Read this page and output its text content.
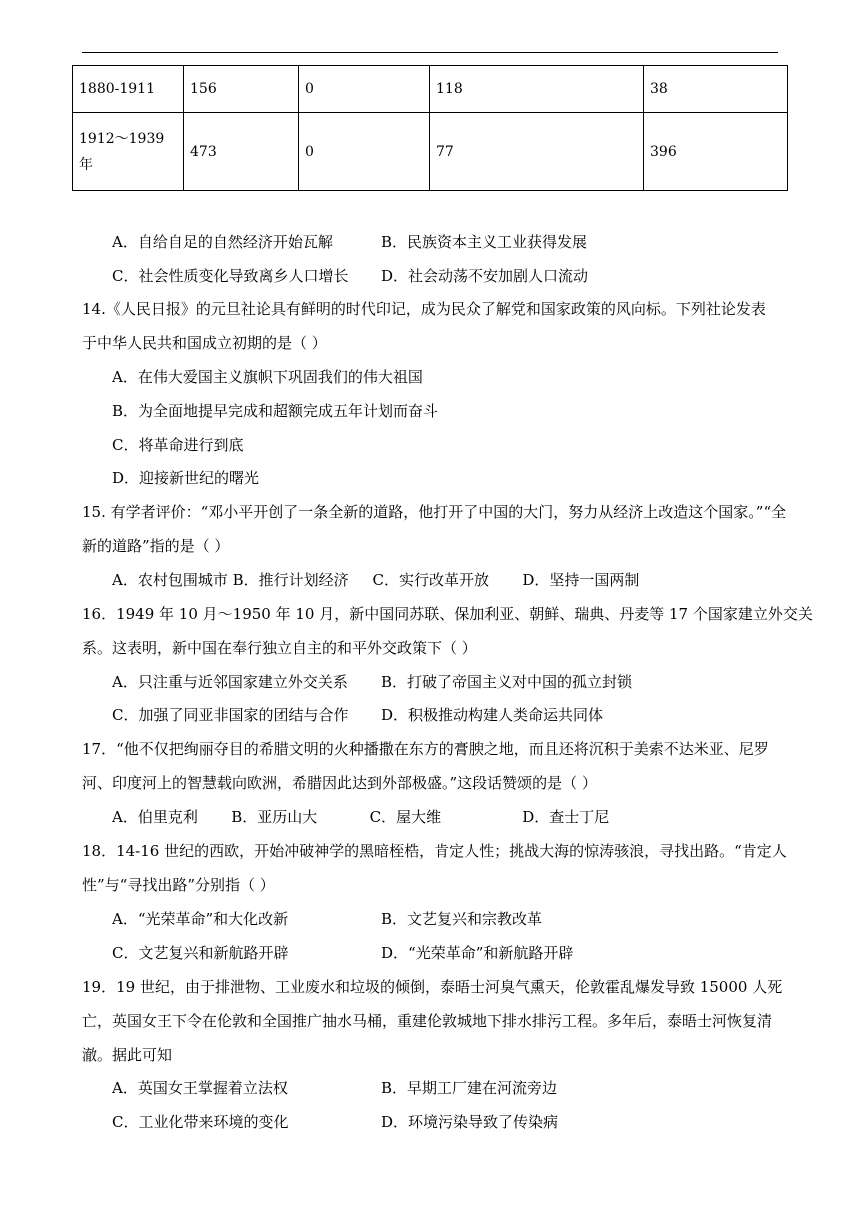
1880-1911	156	0	118	38
1912～1939年	473	0	77	396
A．自给自足的自然经济开始瓦解	B．民族资本主义工业获得发展
C．社会性质变化导致离乡人口增长 D．社会动荡不安加剧人口流动
14.《人民日报》的元旦社论具有鲜明的时代印记，成为民众了解党和国家政策的风向标。下列社论发表
于中华人民共和国成立初期的是（ ）
A．在伟大爱国主义旗帜下巩固我们的伟大祖国
B．为全面地提早完成和超额完成五年计划而奋斗
C．将革命进行到底
D．迎接新世纪的曙光
15. 有学者评价：“邓小平开创了一条全新的道路，他打开了中国的大门，努力从经济上改造这个国家。”“全
新的道路”指的是（ ）
A．农村包围城市 B．推行计划经济     C．实行改革开放       D．坚持一国两制
16．1949 年 10 月～1950 年 10 月，新中国同苏联、保加利亚、朝鲜、瑞典、丹麦等 17 个国家建立外交关
系。这表明，新中国在奉行独立自主的和平外交政策下（ ）
A．只注重与近邻国家建立外交关系 B．打破了帝国主义对中国的孤立封锁
C．加强了同亚非国家的团结与合作 D．积极推动构建人类命运共同体
17．“他不仅把绚丽夺目的希腊文明的火种播撒在东方的膏腴之地，而且还将沉积于美索不达米亚、尼罗
河、印度河上的智慧载向欧洲，希腊因此达到外部极盛。”这段话赞颂的是（ ）
A．伯里克利       B．亚历山大           C．屋大维                 D．查士丁尼
18．14-16 世纪的西欧，开始冲破神学的黑暗桎梏，肯定人性；挑战大海的惊涛骇浪，寻找出路。“肯定人
性”与“寻找出路”分别指（ ）
A．“光荣革命”和大化改新	B．文艺复兴和宗教改革
C．文艺复兴和新航路开辟	D．“光荣革命”和新航路开辟
19．19 世纪，由于排泄物、工业废水和垃圾的倾倒，泰晤士河臭气熏天，伦敦霍乱爆发导致 15000 人死
亡，英国女王下令在伦敦和全国推广抽水马桶，重建伦敦城地下排水排污工程。多年后，泰晤士河恢复清
澈。据此可知
A．英国女王掌握着立法权	B．早期工厂建在河流旁边
C．工业化带来环境的变化	D．环境污染导致了传染病
